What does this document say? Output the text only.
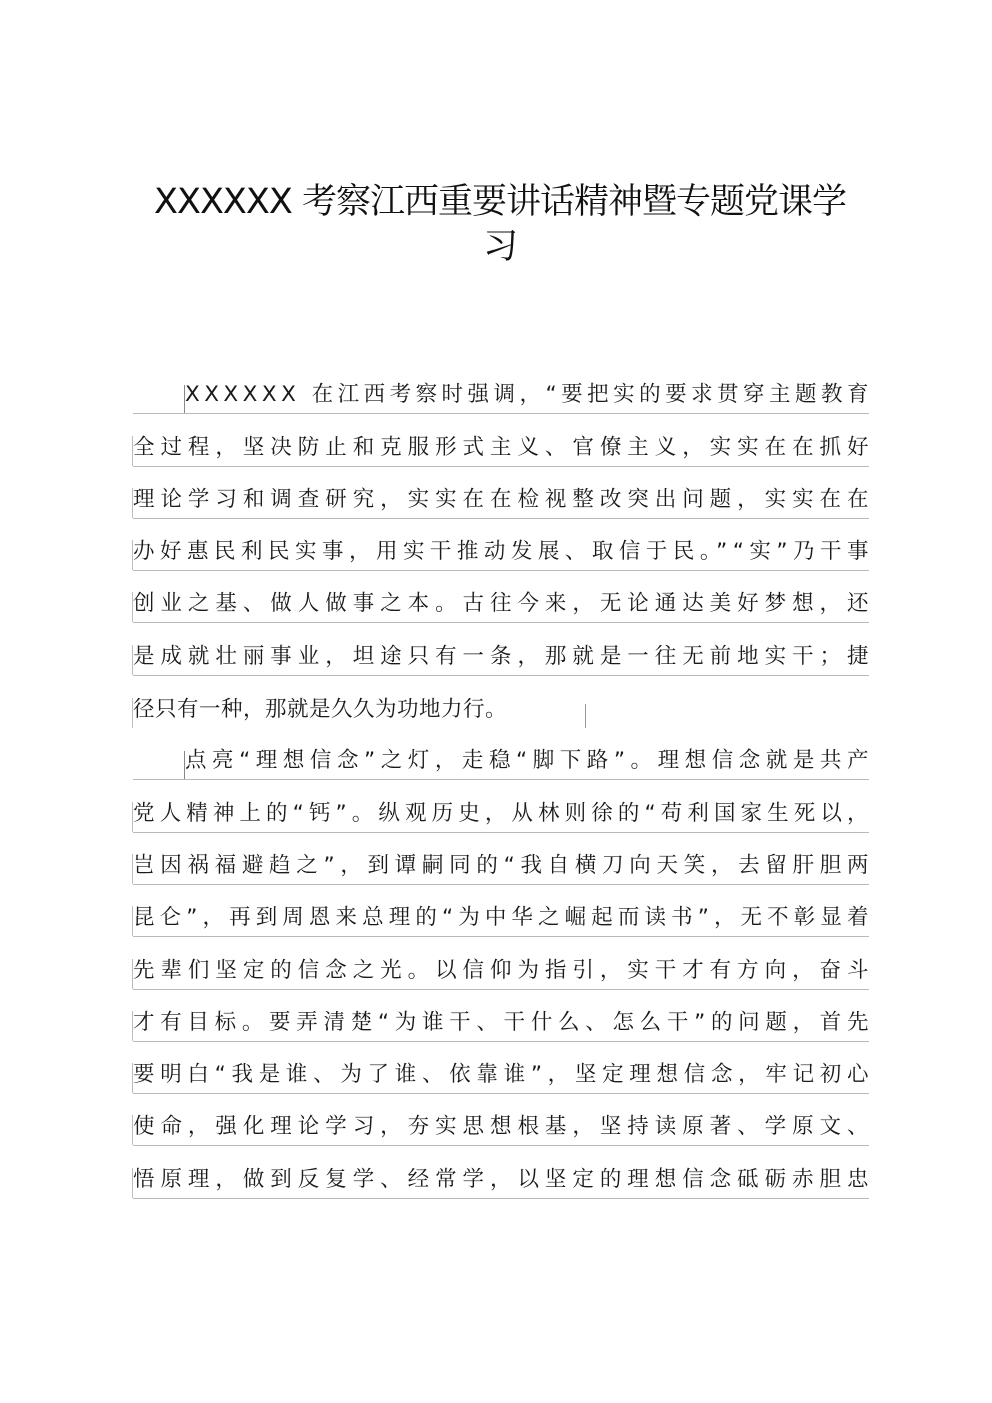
XXXXXX 考察江西重要讲话精神暨专题党课学
习
XXXXXX 在江西考察时强调，“要把实的要求贯穿主题教育
全过程，坚决防止和克服形式主义、官僚主义，实实在在抓好
理论学习和调查研究，实实在在检视整改突出问题，实实在在
办好惠民利民实事，用实干推动发展、取信于民。”“实”乃干事
创业之基、做人做事之本。古往今来，无论通达美好梦想，还
是成就壮丽事业，坦途只有一条，那就是一往无前地实干；捷
径只有一种，那就是久久为功地力行。
点亮“理想信念”之灯，走稳“脚下路”。理想信念就是共产
党人精神上的“钙”。纵观历史，从林则徐的“苟利国家生死以，
岂因祸福避趋之”，到谭嗣同的“我自横刀向天笑，去留肝胆两
昆仑”，再到周恩来总理的“为中华之崛起而读书”，无不彰显着
先辈们坚定的信念之光。以信仰为指引，实干才有方向，奋斗
才有目标。要弄清楚“为谁干、干什么、怎么干”的问题，首先
要明白“我是谁、为了谁、依靠谁”，坚定理想信念，牢记初心
使命，强化理论学习，夯实思想根基，坚持读原著、学原文、
悟原理，做到反复学、经常学，以坚定的理想信念砥砺赤胆忠
